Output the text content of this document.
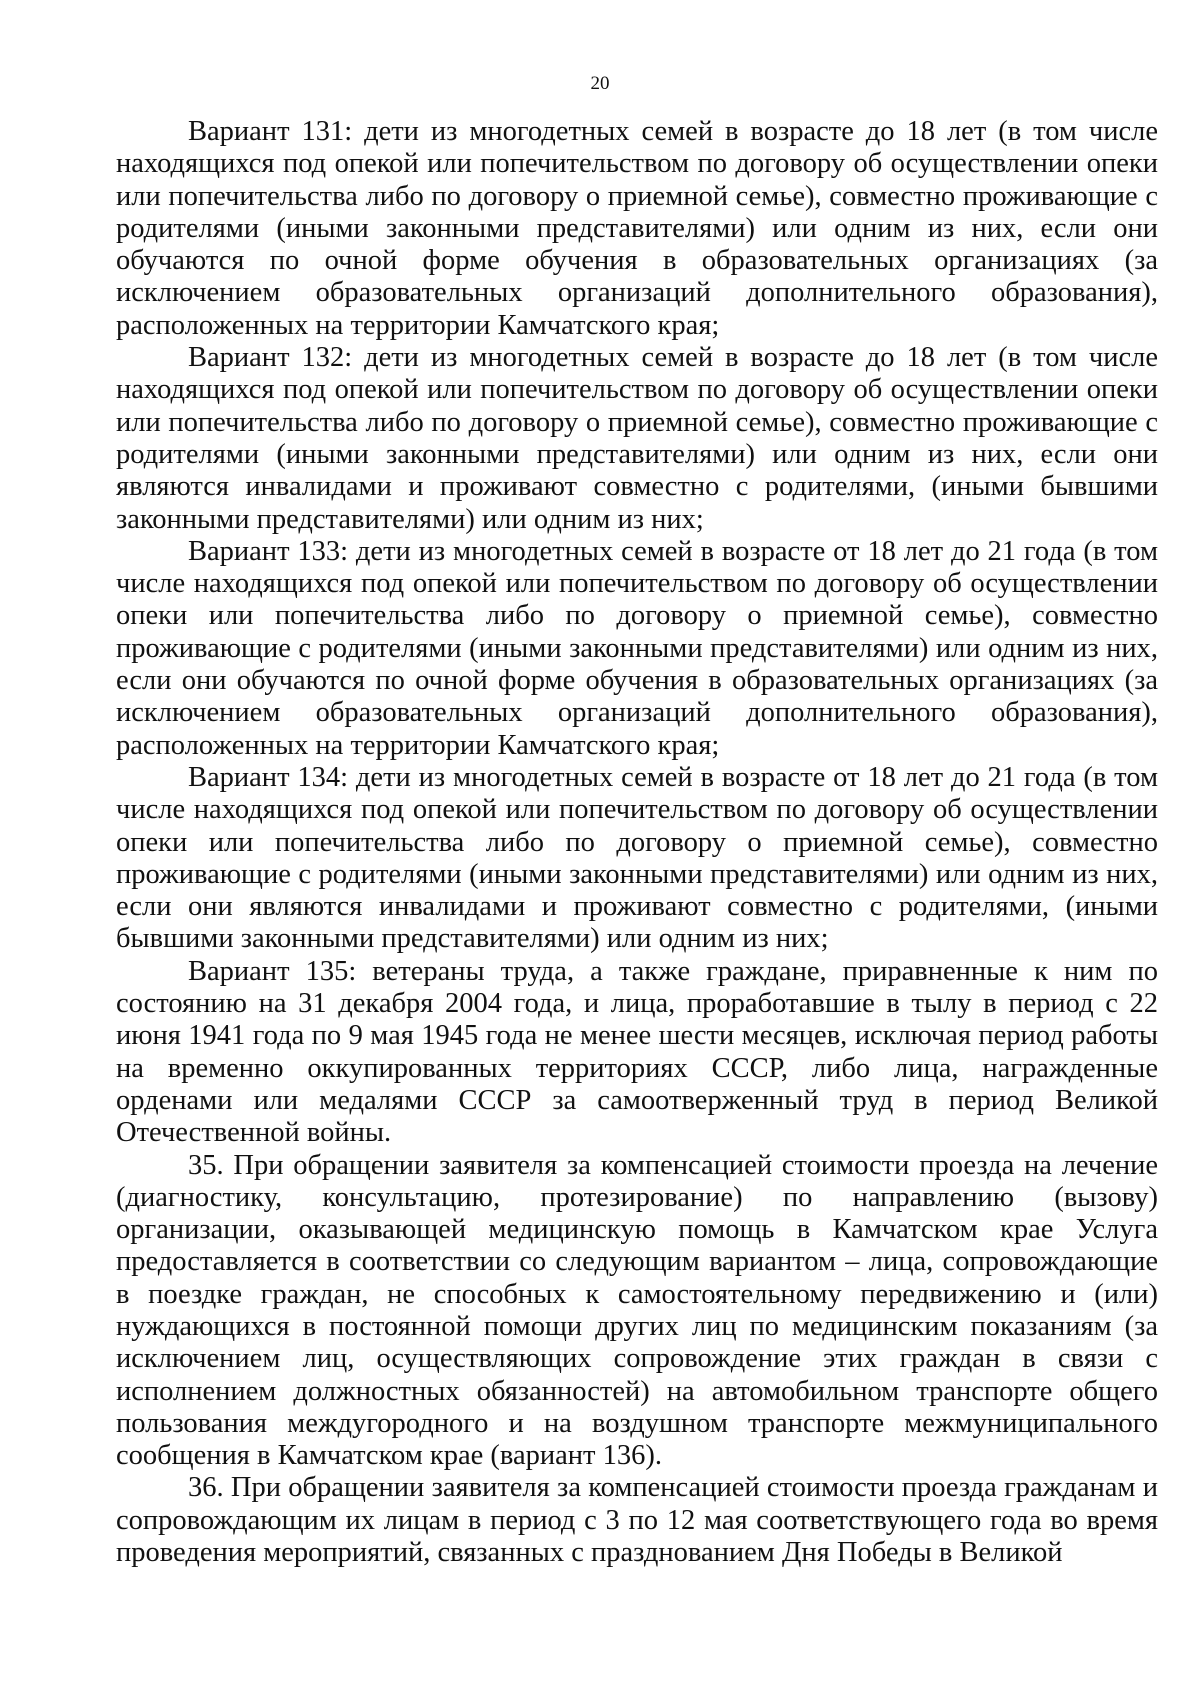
20

Вариант 131: дети из многодетных семей в возрасте до 18 лет (в том числе находящихся под опекой или попечительством по договору об осуществлении опеки или попечительства либо по договору о приемной семье), совместно проживающие с родителями (иными законными представителями) или одним из них, если они обучаются по очной форме обучения в образовательных организациях (за исключением образовательных организаций дополнительного образования), расположенных на территории Камчатского края;

Вариант 132: дети из многодетных семей в возрасте до 18 лет (в том числе находящихся под опекой или попечительством по договору об осуществлении опеки или попечительства либо по договору о приемной семье), совместно проживающие с родителями (иными законными представителями) или одним из них, если они являются инвалидами и проживают совместно с родителями, (иными бывшими законными представителями) или одним из них;

Вариант 133: дети из многодетных семей в возрасте от 18 лет до 21 года (в том числе находящихся под опекой или попечительством по договору об осуществлении опеки или попечительства либо по договору о приемной семье), совместно проживающие с родителями (иными законными представителями) или одним из них, если они обучаются по очной форме обучения в образовательных организациях (за исключением образовательных организаций дополнительного образования), расположенных на территории Камчатского края;

Вариант 134: дети из многодетных семей в возрасте от 18 лет до 21 года (в том числе находящихся под опекой или попечительством по договору об осуществлении опеки или попечительства либо по договору о приемной семье), совместно проживающие с родителями (иными законными представителями) или одним из них, если они являются инвалидами и проживают совместно с родителями, (иными бывшими законными представителями) или одним из них;

Вариант 135: ветераны труда, а также граждане, приравненные к ним по состоянию на 31 декабря 2004 года, и лица, проработавшие в тылу в период с 22 июня 1941 года по 9 мая 1945 года не менее шести месяцев, исключая период работы на временно оккупированных территориях СССР, либо лица, награжденные орденами или медалями СССР за самоотверженный труд в период Великой Отечественной войны.

35. При обращении заявителя за компенсацией стоимости проезда на лечение (диагностику, консультацию, протезирование) по направлению (вызову) организации, оказывающей медицинскую помощь в Камчатском крае Услуга предоставляется в соответствии со следующим вариантом – лица, сопровождающие в поездке граждан, не способных к самостоятельному передвижению и (или) нуждающихся в постоянной помощи других лиц по медицинским показаниям (за исключением лиц, осуществляющих сопровождение этих граждан в связи с исполнением должностных обязанностей) на автомобильном транспорте общего пользования междугородного и на воздушном транспорте межмуниципального сообщения в Камчатском крае (вариант 136).

36. При обращении заявителя за компенсацией стоимости проезда гражданам и сопровождающим их лицам в период с 3 по 12 мая соответствующего года во время проведения мероприятий, связанных с празднованием Дня Победы в Великой
